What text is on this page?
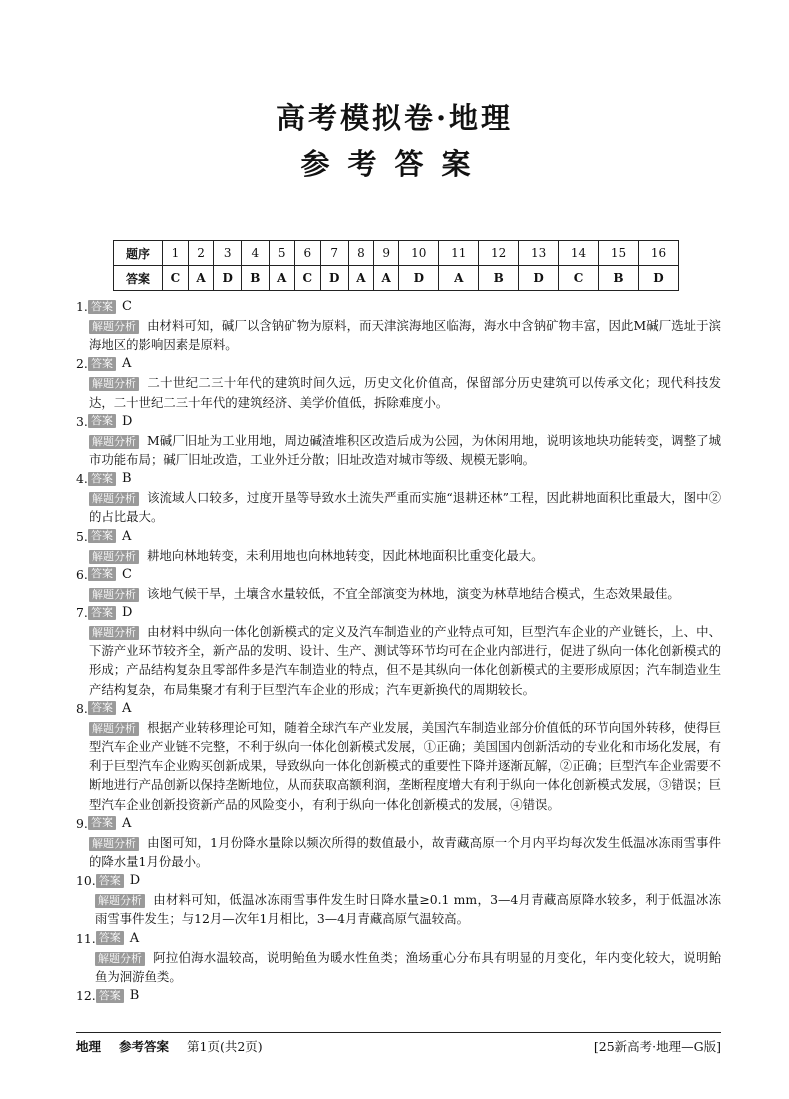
高考模拟卷·地理
参考答案
题序	1	2	3	4	5	6	7	8	9	10	11	12	13	14	15	16
答案	C	A	D	B	A	C	D	A	A	D	A	B	D	C	B	D
1. 答案 C
解题分析 由材料可知，碱厂以含钠矿物为原料，而天津滨海地区临海，海水中含钠矿物丰富，因此M碱厂选址于滨海地区的影响因素是原料。
2. 答案 A
解题分析 二十世纪二三十年代的建筑时间久远，历史文化价值高，保留部分历史建筑可以传承文化；现代科技发达，二十世纪二三十年代的建筑经济、美学价值低，拆除难度小。
3. 答案 D
解题分析 M碱厂旧址为工业用地，周边碱渣堆积区改造后成为公园，为休闲用地，说明该地块功能转变，调整了城市功能布局；碱厂旧址改造，工业外迁分散；旧址改造对城市等级、规模无影响。
4. 答案 B
解题分析 该流域人口较多，过度开垦等导致水土流失严重而实施“退耕还林”工程，因此耕地面积比重最大，图中②的占比最大。
5. 答案 A
解题分析 耕地向林地转变，未利用地也向林地转变，因此林地面积比重变化最大。
6. 答案 C
解题分析 该地气候干旱，土壤含水量较低，不宜全部演变为林地，演变为林草地结合模式，生态效果最佳。
7. 答案 D
解题分析 由材料中纵向一体化创新模式的定义及汽车制造业的产业特点可知，巨型汽车企业的产业链长，上、中、下游产业环节较齐全，新产品的发明、设计、生产、测试等环节均可在企业内部进行，促进了纵向一体化创新模式的形成；产品结构复杂且零部件多是汽车制造业的特点，但不是其纵向一体化创新模式的主要形成原因；汽车制造业生产结构复杂，布局集聚才有利于巨型汽车企业的形成；汽车更新换代的周期较长。
8. 答案 A
解题分析 根据产业转移理论可知，随着全球汽车产业发展，美国汽车制造业部分价值低的环节向国外转移，使得巨型汽车企业产业链不完整，不利于纵向一体化创新模式发展，①正确；美国国内创新活动的专业化和市场化发展，有利于巨型汽车企业购买创新成果，导致纵向一体化创新模式的重要性下降并逐渐瓦解，②正确；巨型汽车企业需要不断地进行产品创新以保持垄断地位，从而获取高额利润，垄断程度增大有利于纵向一体化创新模式发展，③错误；巨型汽车企业创新投资新产品的风险变小，有利于纵向一体化创新模式的发展，④错误。
9. 答案 A
解题分析 由图可知，1月份降水量除以频次所得的数值最小，故青藏高原一个月内平均每次发生低温冰冻雨雪事件的降水量1月份最小。
10. 答案 D
解题分析 由材料可知，低温冰冻雨雪事件发生时日降水量≥0.1 mm，3—4月青藏高原降水较多，利于低温冰冻雨雪事件发生；与12月—次年1月相比，3—4月青藏高原气温较高。
11. 答案 A
解题分析 阿拉伯海水温较高，说明鲐鱼为暖水性鱼类；渔场重心分布具有明显的月变化，年内变化较大，说明鲐鱼为洄游鱼类。
12. 答案 B
地理 参考答案 第1页(共2页)	[25新高考·地理—G版]
